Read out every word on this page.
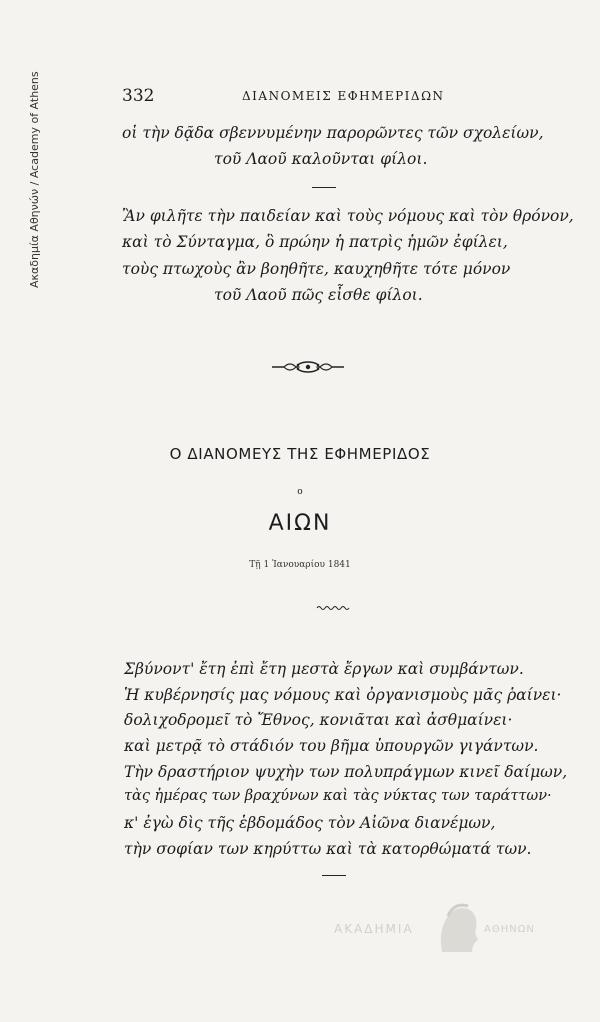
Ακαδημία Αθηνών / Academy of Athens	332	ΔΙΑΝΟΜΕΙΣ ΕΦΗΜΕΡΙΔΩΝ
οἱ τὴν δᾷδα σβεννυμένην παρορῶντες τῶν σχολείων,
τοῦ Λαοῦ καλοῦνται φίλοι.
Ἂν φιλῆτε τὴν παιδείαν καὶ τοὺς νόμους καὶ τὸν θρόνον,
καὶ τὸ Σύνταγμα, ὃ πρώην ἡ πατρὶς ἡμῶν ἐφίλει,
τοὺς πτωχοὺς ἂν βοηθῆτε, καυχηθῆτε τότε μόνον
τοῦ Λαοῦ πῶς εἶσθε φίλοι.
Ο ΔΙΑΝΟΜΕΥΣ ΤΗΣ ΕΦΗΜΕΡΙΔΟΣ
ο
ΑΙΩΝ
Τῇ 1 Ἰανουαρίου 1841
Σβύνοντ' ἔτη ἐπὶ ἔτη μεστὰ ἔργων καὶ συμβάντων.
Ἡ κυβέρνησίς μας νόμους καὶ ὀργανισμοὺς μᾶς ῥαίνει·
δολιχοδρομεῖ τὸ Ἔθνος, κονιᾶται καὶ ἀσθμαίνει·
καὶ μετρᾷ τὸ στάδιόν του βῆμα ὑπουργῶν γιγάντων.
Τὴν δραστήριον ψυχὴν των πολυπράγμων κινεῖ δαίμων,
τὰς ἡμέρας των βραχύνων καὶ τὰς νύκτας των ταράττων·
κ' ἐγὼ δὶς τῆς ἑβδομάδος τὸν Αἰῶνα διανέμων,
τὴν σοφίαν των κηρύττω καὶ τὰ κατορθώματά των.
ΑΚΑΔΗΜΙΑ	ΑΘΗΝΩΝ
